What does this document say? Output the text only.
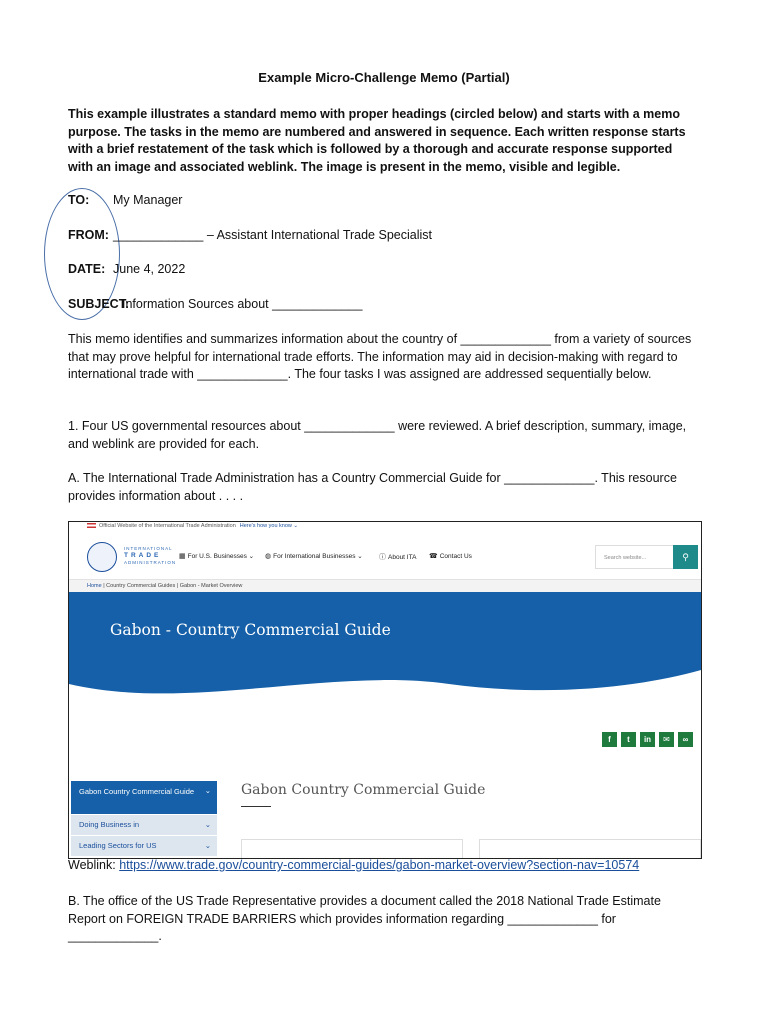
Example Micro-Challenge Memo (Partial)
This example illustrates a standard memo with proper headings (circled below) and starts with a memo purpose. The tasks in the memo are numbered and answered in sequence. Each written response starts with a brief restatement of the task which is followed by a thorough and accurate response supported with an image and associated weblink. The image is present in the memo, visible and legible.
TO: My Manager
FROM: _____________ – Assistant International Trade Specialist
DATE: June 4, 2022
SUBJECT:
Information Sources about _____________
This memo identifies and summarizes information about the country of _____________ from a variety of sources that may prove helpful for international trade efforts. The information may aid in decision-making with regard to international trade with _____________. The four tasks I was assigned are addressed sequentially below.
1. Four US governmental resources about _____________ were reviewed. A brief description, summary, image, and weblink are provided for each.
A. The International Trade Administration has a Country Commercial Guide for _____________. This resource provides information about . . . .
Official Website of the International Trade Administration Here's how you know ⌄
INTERNATIONAL
TRADE
ADMINISTRATION
▦ For U.S. Businesses ⌄ ◍ For International Businesses ⌄ ⓘ About ITA ☎ Contact Us	Search website...	⚲
Home | Country Commercial Guides | Gabon - Market Overview
Gabon - Country Commercial Guide
f	t	in	✉	∞
Gabon Country Commercial Guide ⌄
Doing Business in	⌄
Leading Sectors for US	⌄
Gabon Country Commercial Guide
Weblink: https://www.trade.gov/country-commercial-guides/gabon-market-overview?section-nav=10574
B. The office of the US Trade Representative provides a document called the 2018 National Trade Estimate Report on FOREIGN TRADE BARRIERS which provides information regarding _____________ for _____________.
